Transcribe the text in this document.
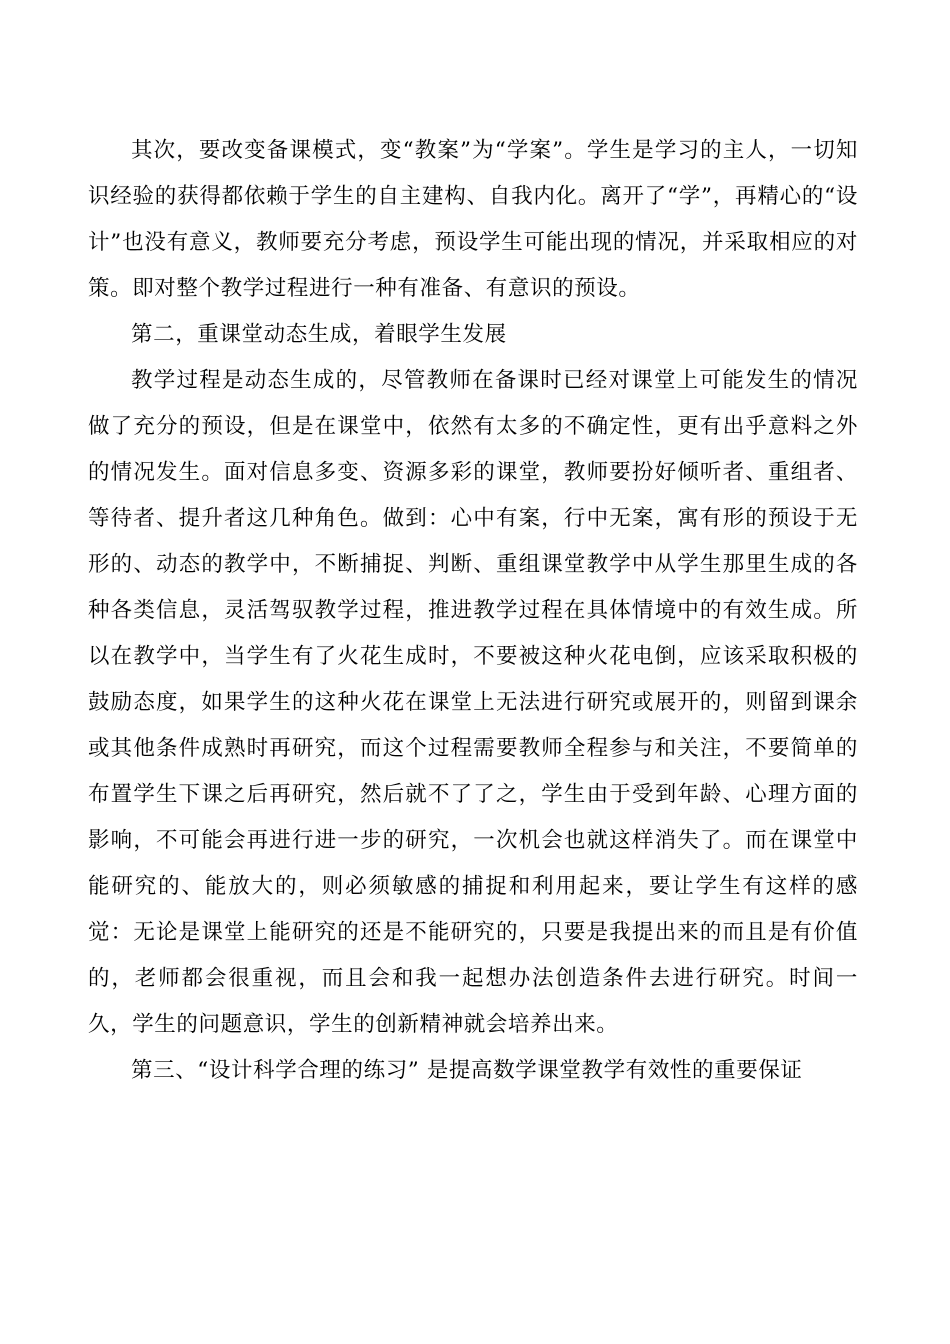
其次，要改变备课模式，变“教案”为“学案”。学生是学习的主人，一切知识经验的获得都依赖于学生的自主建构、自我内化。离开了“学”，再精心的“设计”也没有意义，教师要充分考虑，预设学生可能出现的情况，并采取相应的对策。即对整个教学过程进行一种有准备、有意识的预设。

第二，重课堂动态生成，着眼学生发展

教学过程是动态生成的，尽管教师在备课时已经对课堂上可能发生的情况做了充分的预设，但是在课堂中，依然有太多的不确定性，更有出乎意料之外的情况发生。面对信息多变、资源多彩的课堂，教师要扮好倾听者、重组者、等待者、提升者这几种角色。做到：心中有案，行中无案，寓有形的预设于无形的、动态的教学中，不断捕捉、判断、重组课堂教学中从学生那里生成的各种各类信息，灵活驾驭教学过程，推进教学过程在具体情境中的有效生成。所以在教学中，当学生有了火花生成时，不要被这种火花电倒，应该采取积极的鼓励态度，如果学生的这种火花在课堂上无法进行研究或展开的，则留到课余或其他条件成熟时再研究，而这个过程需要教师全程参与和关注，不要简单的布置学生下课之后再研究，然后就不了了之，学生由于受到年龄、心理方面的影响，不可能会再进行进一步的研究，一次机会也就这样消失了。而在课堂中能研究的、能放大的，则必须敏感的捕捉和利用起来，要让学生有这样的感觉：无论是课堂上能研究的还是不能研究的，只要是我提出来的而且是有价值的，老师都会很重视，而且会和我一起想办法创造条件去进行研究。时间一久，学生的问题意识，学生的创新精神就会培养出来。

第三、“设计科学合理的练习” 是提高数学课堂教学有效性的重要保证
